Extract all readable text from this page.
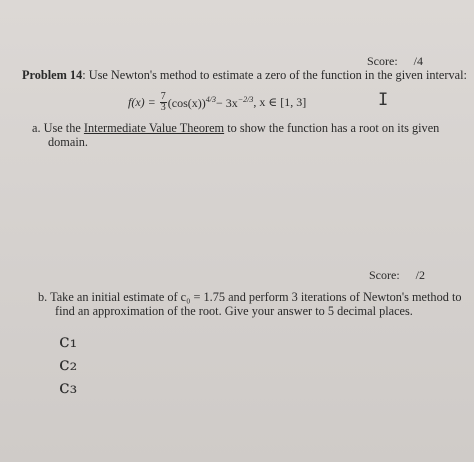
Score: /4
Problem 14: Use Newton's method to estimate a zero of the function in the given interval:
f(x) =
$\frac{7}{3} (\cos(x))^{4/3} - 3x^{-2/3}$ , x ∈ [1, 3]	I
a. Use the Intermediate Value Theorem to show the function has a root on its given
domain.
Score: /2
b. Take an initial estimate of c₀ = 1.75 and perform 3 iterations of Newton's method to
find an approximation of the root. Give your answer to 5 decimal places.
c₁
c₂
c₃
